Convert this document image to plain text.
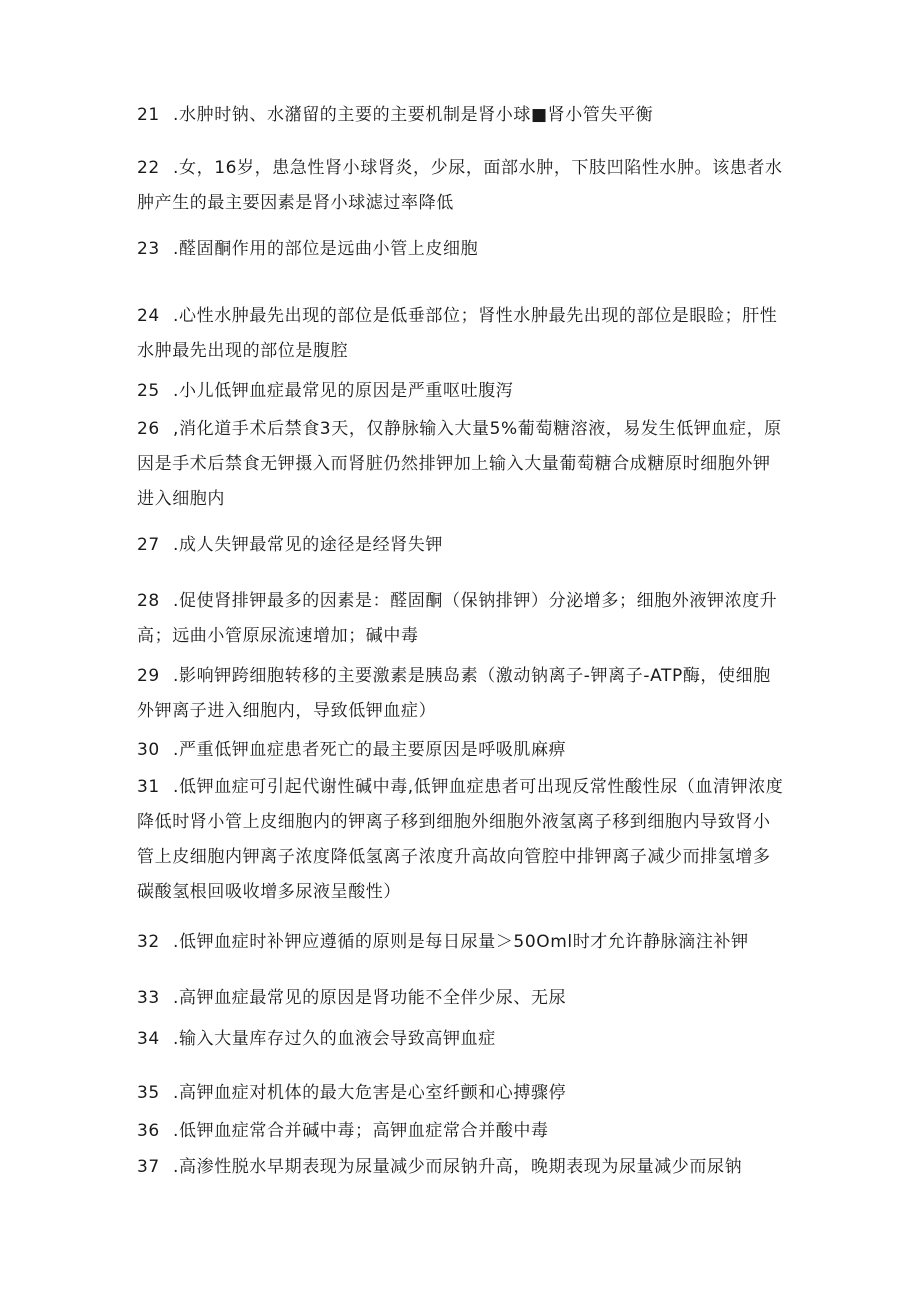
21 .水肿时钠、水潴留的主要的主要机制是肾小球■肾小管失平衡
22 .女，16岁，患急性肾小球肾炎，少尿，面部水肿，下肢凹陷性水肿。该患者水肿产生的最主要因素是肾小球滤过率降低
23 .醛固酮作用的部位是远曲小管上皮细胞
24 .心性水肿最先出现的部位是低垂部位；肾性水肿最先出现的部位是眼睑；肝性水肿最先出现的部位是腹腔
25 .小儿低钾血症最常见的原因是严重呕吐腹泻
26 ,消化道手术后禁食3天，仅静脉输入大量5%葡萄糖溶液，易发生低钾血症，原因是手术后禁食无钾摄入而肾脏仍然排钾加上输入大量葡萄糖合成糖原时细胞外钾进入细胞内
27 .成人失钾最常见的途径是经肾失钾
28 .促使肾排钾最多的因素是：醛固酮（保钠排钾）分泌增多；细胞外液钾浓度升高；远曲小管原尿流速增加；碱中毒
29 .影响钾跨细胞转移的主要激素是胰岛素（激动钠离子-钾离子-ATP酶，使细胞外钾离子进入细胞内，导致低钾血症）
30 .严重低钾血症患者死亡的最主要原因是呼吸肌麻痹
31 .低钾血症可引起代谢性碱中毒,低钾血症患者可出现反常性酸性尿（血清钾浓度降低时肾小管上皮细胞内的钾离子移到细胞外细胞外液氢离子移到细胞内导致肾小管上皮细胞内钾离子浓度降低氢离子浓度升高故向管腔中排钾离子减少而排氢增多碳酸氢根回吸收增多尿液呈酸性）
32 .低钾血症时补钾应遵循的原则是每日尿量＞50Oml时才允许静脉滴注补钾
33 .高钾血症最常见的原因是肾功能不全伴少尿、无尿
34 .输入大量库存过久的血液会导致高钾血症
35 .高钾血症对机体的最大危害是心室纤颤和心搏骤停
36 .低钾血症常合并碱中毒；高钾血症常合并酸中毒
37 .高渗性脱水早期表现为尿量减少而尿钠升高，晚期表现为尿量减少而尿钠
